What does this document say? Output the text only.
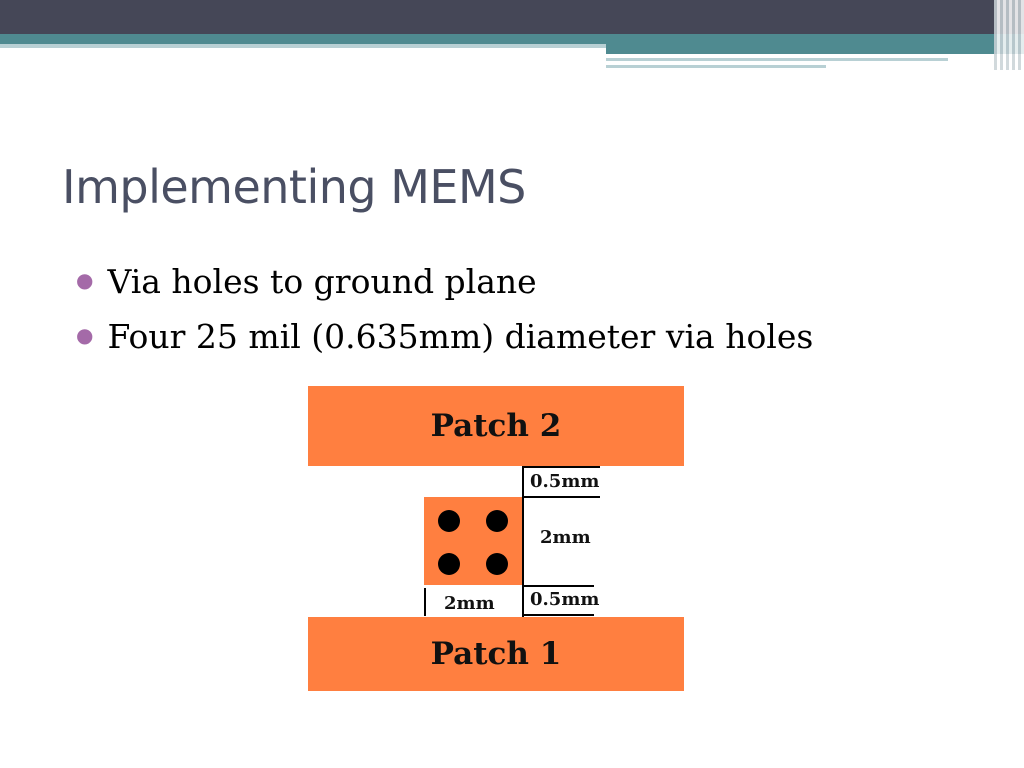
Implementing MEMS
● Via holes to ground plane
● Four 25 mil (0.635mm) diameter via holes
Patch 2
0.5mm
2mm
0.5mm
2mm
Patch 1
